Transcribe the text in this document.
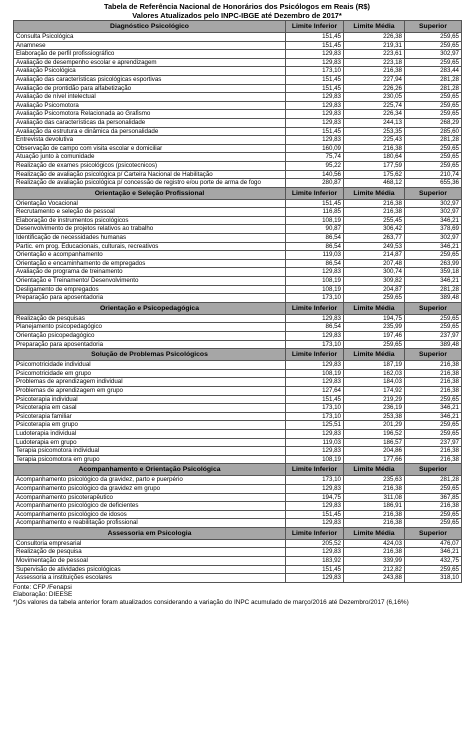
Tabela de Referência Nacional de Honorários dos Psicólogos em Reais (R$)
Valores Atualizados pelo INPC-IBGE até Dezembro de 2017*
Diagnóstico Psicológico	Limite Inferior	Limite Média	Superior
Consulta Psicológica	151,45	226,38	259,65
Anamnese	151,45	219,31	259,65
Elaboração de perfil profissiográfico	129,83	223,61	302,97
Avaliação de desempenho escolar e aprendizagem	129,83	223,18	259,65
Avaliação Psicológica	173,10	216,38	283,44
Avaliação das características psicológicas esportivas	151,45	227,94	281,28
Avaliação de prontidão para alfabetização	151,45	226,26	281,28
Avaliação de nível intelectual	129,83	230,05	259,65
Avaliação Psicomotora	129,83	225,74	259,65
Avaliação Psicomotora Relacionada ao Grafismo	129,83	226,34	259,65
Avaliação das características da personalidade	129,83	244,13	268,29
Avaliação da estrutura e dinâmica da personalidade	151,45	253,35	285,60
Entrevista devolutiva	129,83	225,43	281,28
Observação de campo com visita escolar e domiciliar	160,09	216,38	259,65
Atuação junto à comunidade	75,74	180,64	259,65
Realização de exames psicológicos (psicotecnicos)	95,22	177,59	259,65
Realização de avaliação psicológica p/ Carteira Nacional de Habilitação	140,56	175,62	210,74
Realização de avaliação psicológica p/ concessão de registro e/ou porte de arma de fogo	280,87	468,12	655,36
Orientação e Seleção Profissional	Limite Inferior	Limite Média	Superior
Orientação Vocacional	151,45	216,38	302,97
Recrutamento e seleção de pessoal	116,85	216,38	302,97
Elaboração de instrumentos psicológicos	108,19	255,45	346,21
Desenvolvimento de projetos relativos ao trabalho	90,87	306,42	378,69
Identificação de necessidades humanas	86,54	263,77	302,97
Partic. em prog. Educacionais, culturais, recreativos	86,54	249,53	346,21
Orientação e acompanhamento	119,03	214,87	259,65
Orientação e encaminhamento de empregados	86,54	207,48	263,99
Avaliação de programa de treinamento	129,83	300,74	359,18
Orientação e Treinamento/ Desenvolvimento	108,19	309,82	346,21
Desligamento de empregados	108,19	204,87	281,28
Preparação para aposentadoria	173,10	259,65	389,48
Orientação e Psicopedagógica	Limite Inferior	Limite Média	Superior
Realização de pesquisas	129,83	194,75	259,65
Planejamento psicopedagógico	86,54	235,99	259,65
Orientação psicopedagógico	129,83	197,46	237,97
Preparação para aposentadoria	173,10	259,65	389,48
Solução de Problemas Psicológicos	Limite Inferior	Limite Média	Superior
Psicomotricidade individual	129,83	187,19	216,38
Psicomotricidade em grupo	108,19	162,03	216,38
Problemas de aprendizagem individual	129,83	184,03	216,38
Problemas de aprendizagem em grupo	127,64	174,92	216,38
Psicoterapia individual	151,45	219,29	259,65
Psicoterapia em casal	173,10	236,19	346,21
Psicoterapia familiar	173,10	253,38	346,21
Psicoterapia em grupo	125,51	201,29	259,65
Ludoterapia individual	129,83	196,52	259,65
Ludoterapia em grupo	119,03	186,57	237,97
Terapia psicomotora individual	129,83	204,86	216,38
Terapia psicomotora em grupo	108,19	177,66	216,38
Acompanhamento e Orientação Psicológica	Limite Inferior	Limite Média	Superior
Acompanhamento psicológico da gravidez, parto e puerpério	173,10	235,63	281,28
Acompanhamento psicológico da gravidez em grupo	129,83	216,38	259,65
Acompanhamento psicoterapêutico	194,75	311,08	367,85
Acompanhamento psicológico de deficientes	129,83	186,91	216,38
Acompanhamento psicológico de idosos	151,45	216,38	259,65
Acompanhamento e reabilitação profissional	129,83	216,38	259,65
Assessoria em Psicologia	Limite Inferior	Limite Média	Superior
Consultoria empresarial	205,52	424,03	476,07
Realização de pesquisa	129,83	216,38	346,21
Movimentação de pessoal	183,92	339,99	432,75
Supervisão de atividades psicológicas	151,45	212,82	259,65
Assessoria a instituições escolares	129,83	243,88	318,10
Fonte: CFP /Fenapsi
Elaboração: DIEESE
*)Os valores da tabela anterior foram atualizados considerando a variação do INPC acumulado de março/2016 até Dezembro/2017 (6,16%)
